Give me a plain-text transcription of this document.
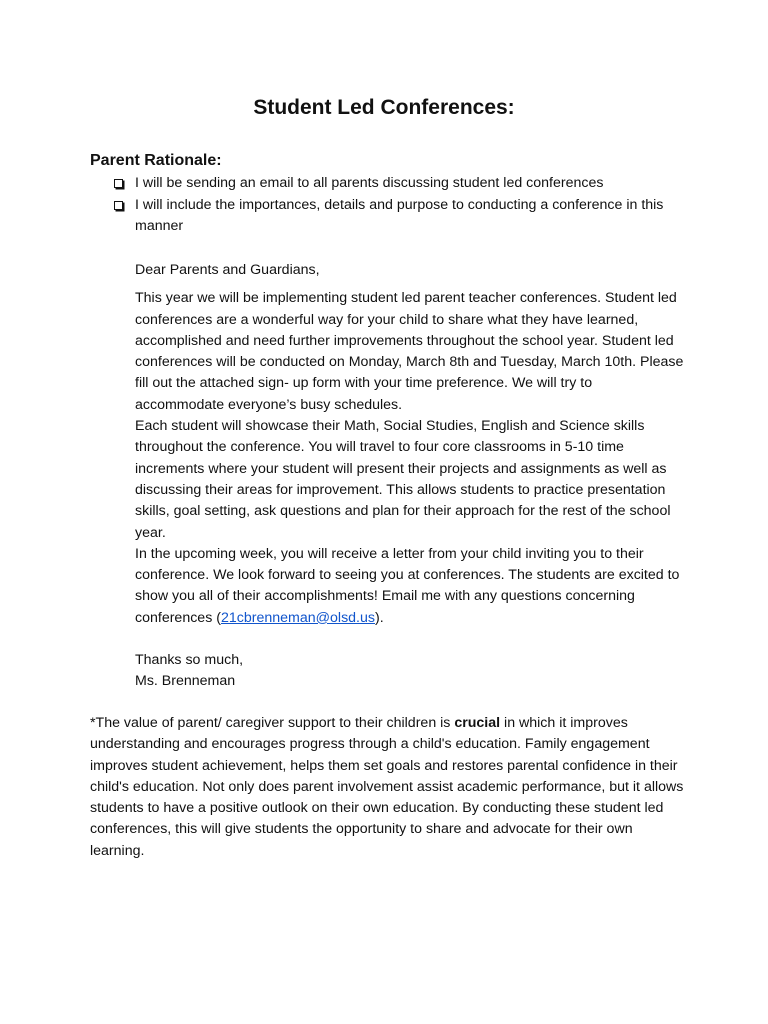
Student Led Conferences:
Parent Rationale:
I will be sending an email to all parents discussing student led conferences
I will include the importances, details and purpose to conducting a conference in this manner

Dear Parents and Guardians,

This year we will be implementing student led parent teacher conferences. Student led conferences are a wonderful way for your child to share what they have learned, accomplished and need further improvements throughout the school year. Student led conferences will be conducted on Monday, March 8th and Tuesday, March 10th. Please fill out the attached sign- up form with your time preference. We will try to accommodate everyone’s busy schedules.

Each student will showcase their Math, Social Studies, English and Science skills throughout the conference. You will travel to four core classrooms in 5-10 time increments where your student will present their projects and assignments as well as discussing their areas for improvement. This allows students to practice presentation skills, goal setting, ask questions and plan for their approach for the rest of the school year.

In the upcoming week, you will receive a letter from your child inviting you to their conference. We look forward to seeing you at conferences. The students are excited to show you all of their accomplishments! Email me with any questions concerning conferences (21cbrenneman@olsd.us).

Thanks so much,

Ms. Brenneman

*The value of parent/ caregiver support to their children is crucial in which it improves understanding and encourages progress through a child's education. Family engagement improves student achievement, helps them set goals and restores parental confidence in their child's education. Not only does parent involvement assist academic performance, but it allows students to have a positive outlook on their own education. By conducting these student led conferences, this will give students the opportunity to share and advocate for their own learning.
